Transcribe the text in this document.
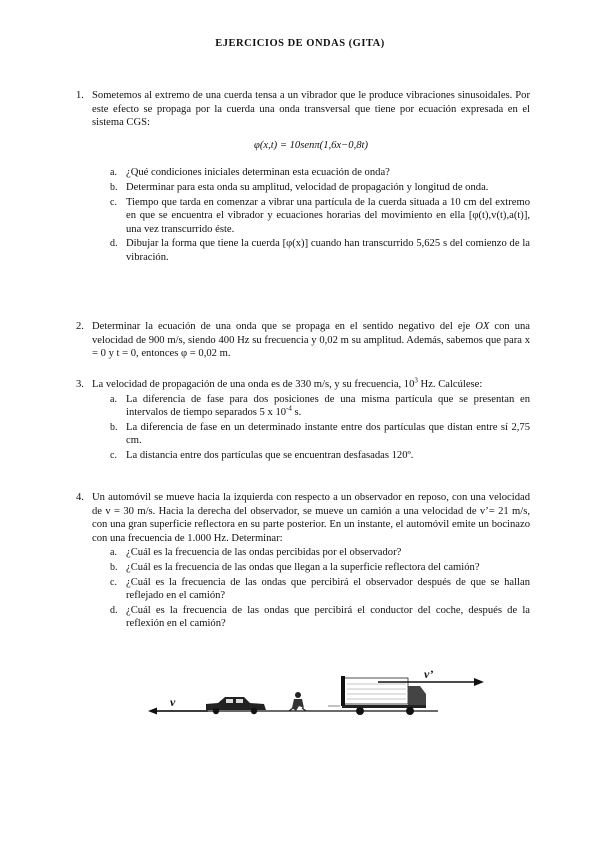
EJERCICIOS DE ONDAS (GITA)
1. Sometemos al extremo de una cuerda tensa a un vibrador que le produce vibraciones sinusoidales. Por este efecto se propaga por la cuerda una onda transversal que tiene por ecuación expresada en el sistema CGS:
φ(x,t) = 10senπ(1,6x−0,8t)
a. ¿Qué condiciones iniciales determinan esta ecuación de onda?
b. Determinar para esta onda su amplitud, velocidad de propagación y longitud de onda.
c. Tiempo que tarda en comenzar a vibrar una partícula de la cuerda situada a 10 cm del extremo en que se encuentra el vibrador y ecuaciones horarias del movimiento en ella [φ(t),v(t),a(t)], una vez transcurrido éste.
d. Dibujar la forma que tiene la cuerda [φ(x)] cuando han transcurrido 5,625 s del comienzo de la vibración.
2. Determinar la ecuación de una onda que se propaga en el sentido negativo del eje OX con una velocidad de 900 m/s, siendo 400 Hz su frecuencia y 0,02 m su amplitud. Además, sabemos que para x = 0 y t = 0, entonces φ = 0,02 m.
3. La velocidad de propagación de una onda es de 330 m/s, y su frecuencia, $10^3$ Hz. Calcúlese:
a. La diferencia de fase para dos posiciones de una misma partícula que se presentan en intervalos de tiempo separados 5 x $10^{-4}$ s.
b. La diferencia de fase en un determinado instante entre dos partículas que distan entre sí 2,75 cm.
c. La distancia entre dos partículas que se encuentran desfasadas 120º.
4. Un automóvil se mueve hacia la izquierda con respecto a un observador en reposo, con una velocidad de v = 30 m/s. Hacia la derecha del observador, se mueve un camión a una velocidad de v’= 21 m/s, con una gran superficie reflectora en su parte posterior. En un instante, el automóvil emite un bocinazo con una frecuencia de 1.000 Hz. Determinar:
a. ¿Cuál es la frecuencia de las ondas percibidas por el observador?
b. ¿Cuál es la frecuencia de las ondas que llegan a la superficie reflectora del camión?
c. ¿Cuál es la frecuencia de las ondas que percibirá el observador después de que se hallan reflejado en el camión?
d. ¿Cuál es la frecuencia de las ondas que percibirá el conductor del coche, después de la reflexión en el camión?
v
v’
